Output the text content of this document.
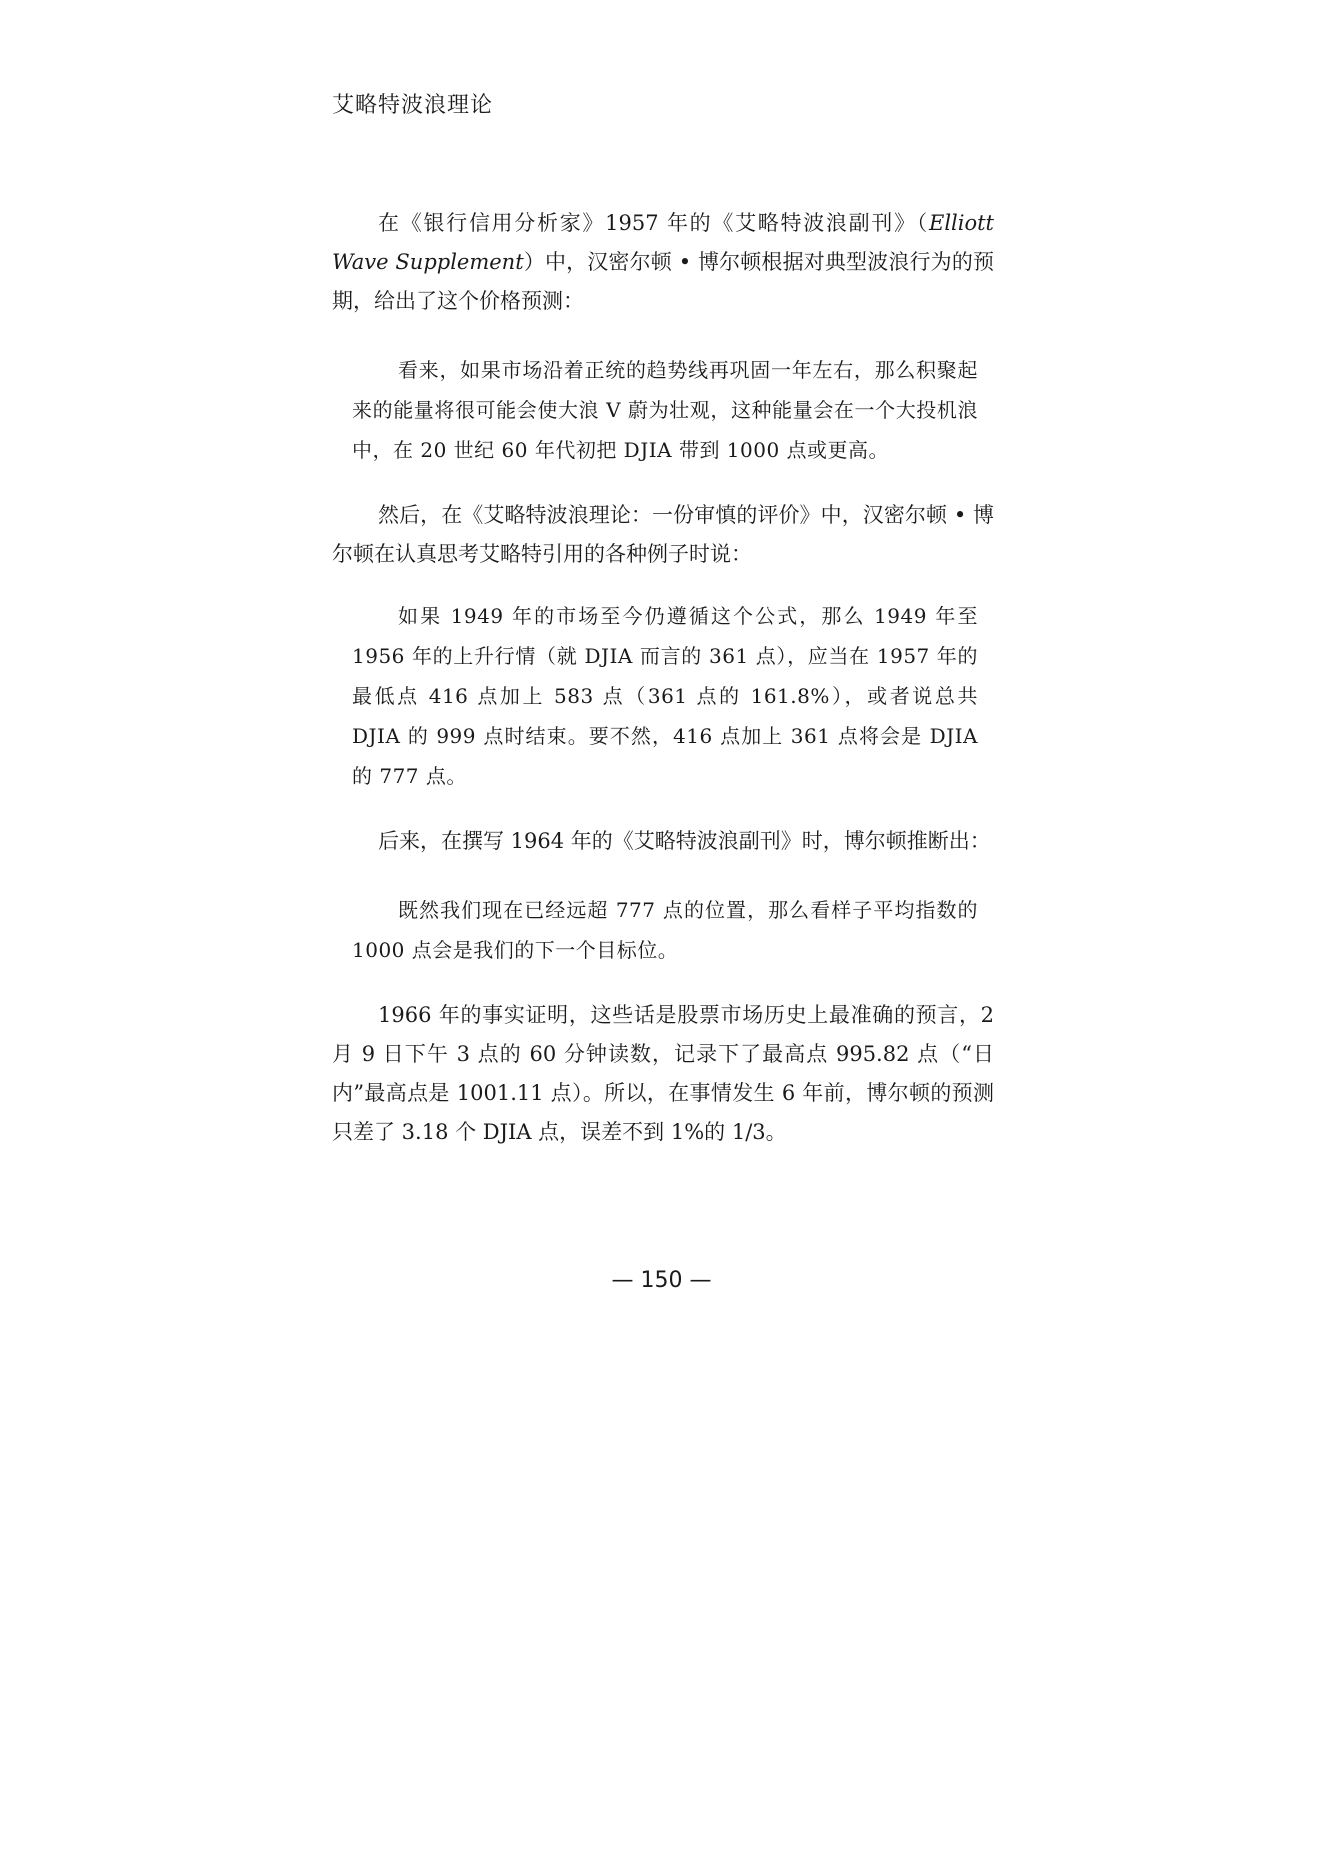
艾略特波浪理论

在《银行信用分析家》1957 年的《艾略特波浪副刊》（Elliott Wave Supplement）中，汉密尔顿 • 博尔顿根据对典型波浪行为的预期，给出了这个价格预测：

看来，如果市场沿着正统的趋势线再巩固一年左右，那么积聚起来的能量将很可能会使大浪 V 蔚为壮观，这种能量会在一个大投机浪中，在 20 世纪 60 年代初把 DJIA 带到 1000 点或更高。

然后，在《艾略特波浪理论：一份审慎的评价》中，汉密尔顿 • 博尔顿在认真思考艾略特引用的各种例子时说：

如果 1949 年的市场至今仍遵循这个公式，那么 1949 年至 1956 年的上升行情（就 DJIA 而言的 361 点），应当在 1957 年的最低点 416 点加上 583 点（361 点的 161.8%），或者说总共 DJIA 的 999 点时结束。要不然，416 点加上 361 点将会是 DJIA 的 777 点。

后来，在撰写 1964 年的《艾略特波浪副刊》时，博尔顿推断出：

既然我们现在已经远超 777 点的位置，那么看样子平均指数的 1000 点会是我们的下一个目标位。

1966 年的事实证明，这些话是股票市场历史上最准确的预言，2 月 9 日下午 3 点的 60 分钟读数，记录下了最高点 995.82 点（“日内”最高点是 1001.11 点）。所以，在事情发生 6 年前，博尔顿的预测只差了 3.18 个 DJIA 点，误差不到 1%的 1/3。

— 150 —
